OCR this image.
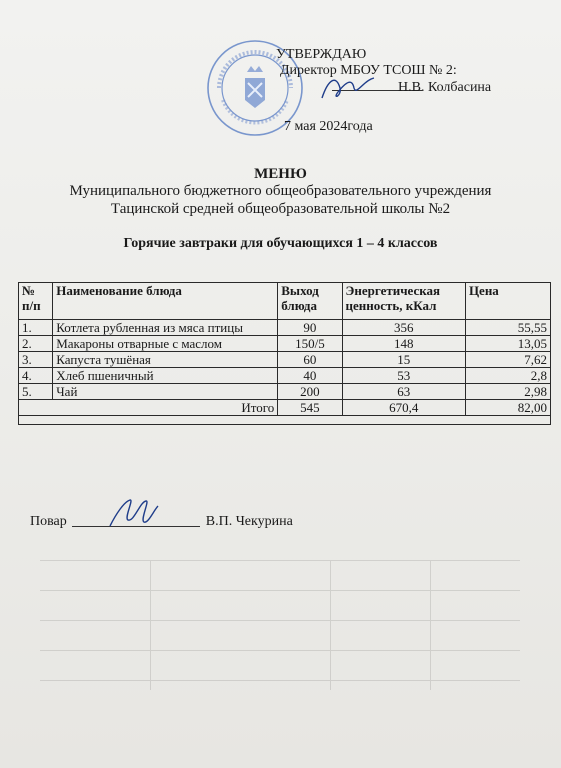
УТВЕРЖДАЮ
Директор МБОУ ТСОШ № 2:
Н.В. Колбасина
7 мая 2024года
МЕНЮ
Муниципального бюджетного общеобразовательного учреждения
Тацинской средней общеобразовательной школы №2
Горячие завтраки для обучающихся 1 – 4 классов
№ п/п	Наименование блюда	Выход блюда	Энергетическая ценность, кКал	Цена
1.	Котлета рубленная из мяса птицы	90	356	55,55
2.	Макароны отварные с маслом	150/5	148	13,05
3.	Капуста тушёная	60	15	7,62
4.	Хлеб пшеничный	40	53	2,8
5.	Чай	200	63	2,98
Итого		545	670,4	82,00

Повар	В.П. Чекурина
